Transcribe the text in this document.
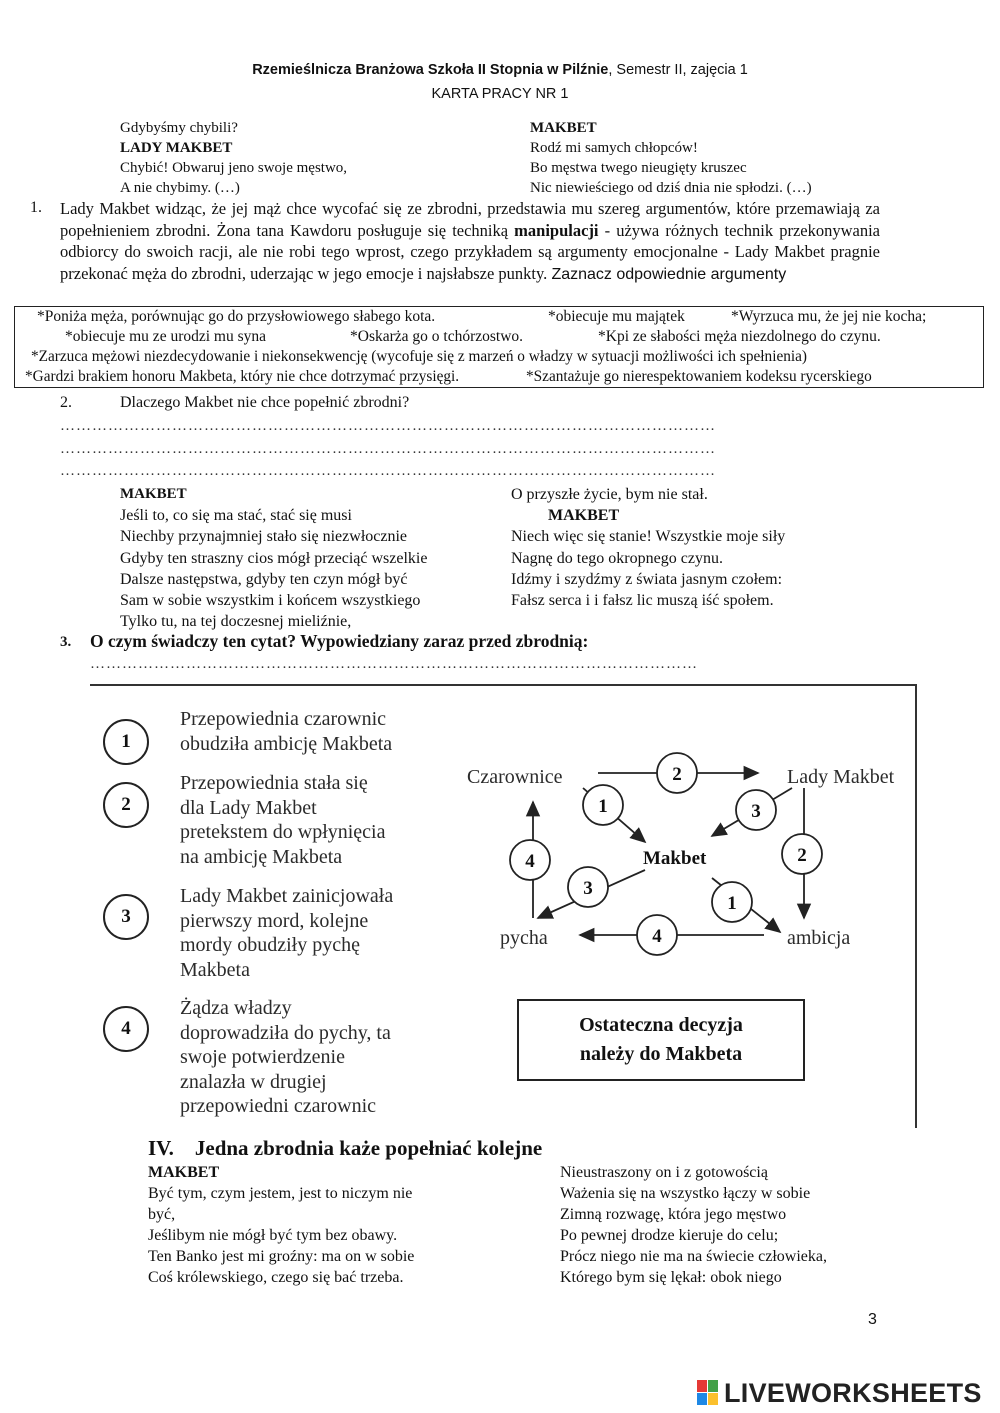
Rzemieślnicza Branżowa Szkoła II Stopnia w Pilźnie, Semestr II, zajęcia 1
KARTA PRACY NR 1
Gdybyśmy chybili?
LADY MAKBET
Chybić! Obwaruj jeno swoje męstwo,
A nie chybimy. (…)
MAKBET
Rodź mi samych chłopców!
Bo męstwa twego nieugięty kruszec
Nic niewieściego od dziś dnia nie spłodzi. (…)
1. Lady Makbet widząc, że jej mąż chce wycofać się ze zbrodni, przedstawia mu szereg argumentów, które przemawiają za popełnieniem zbrodni. Żona tana Kawdoru posługuje się techniką manipulacji - używa różnych technik przekonywania odbiorcy do swoich racji, ale nie robi tego wprost, czego przykładem są argumenty emocjonalne - Lady Makbet pragnie przekonać męża do zbrodni, uderzając w jego emocje i najsłabsze punkty. Zaznacz odpowiednie argumenty
*Poniża męża, porównując go do przysłowiowego słabego kota.	*obiecuje mu majątek	*Wyrzuca mu, że jej nie kocha;
*obiecuje mu ze urodzi mu syna	*Oskarża go o tchórzostwo.	*Kpi ze słabości męża niezdolnego do czynu.
*Zarzuca mężowi niezdecydowanie i niekonsekwencję (wycofuje się z marzeń o władzy w sytuacji możliwości ich spełnienia)
*Gardzi brakiem honoru Makbeta, który nie chce dotrzymać przysięgi.	*Szantażuje go nierespektowaniem kodeksu rycerskiego
2.	Dlaczego Makbet nie chce popełnić zbrodni?
……………………………………………………………………………………………………………
……………………………………………………………………………………………………………
……………………………………………………………………………………………………………
MAKBET
Jeśli to, co się ma stać, stać się musi
Niechby przynajmniej stało się niezwłocznie
Gdyby ten straszny cios mógł przeciąć wszelkie
Dalsze następstwa, gdyby ten czyn mógł być
Sam w sobie wszystkim i końcem wszystkiego
Tylko tu, na tej doczesnej mieliźnie,
O przyszłe życie, bym nie stał.
MAKBET
Niech więc się stanie! Wszystkie moje siły
Nagnę do tego okropnego czynu.
Idźmy i szydźmy z świata jasnym czołem:
Fałsz serca i i fałsz lic muszą iść społem.
3. O czym świadczy ten cytat? Wypowiedziany zaraz przed zbrodnią:
……………………………………………………………………………………………………
1
Przepowiednia czarownic
obudziła ambicję Makbeta
2
Przepowiednia stała się
dla Lady Makbet
pretekstem do wpłynięcia
na ambicję Makbeta
3
Lady Makbet zainicjowała
pierwszy mord, kolejne
mordy obudziły pychę
Makbeta
4
Żądza władzy
doprowadziła do pychy, ta
swoje potwierdzenie
znalazła w drugiej
przepowiedni czarownic
2
1	3
2
4
3
1
4
Czarownice	Lady Makbet
Makbet
pycha	ambicja
Ostateczna decyzja
należy do Makbeta
IV.    Jedna zbrodnia każe popełniać kolejne
MAKBET
Być tym, czym jestem, jest to niczym nie
być,
Jeślibym nie mógł być tym bez obawy.
Ten Banko jest mi groźny: ma on w sobie
Coś królewskiego, czego się bać trzeba.
Nieustraszony on i z gotowością
Ważenia się na wszystko łączy w sobie
Zimną rozwagę, która jego męstwo
Po pewnej drodze kieruje do celu;
Prócz niego nie ma na świecie człowieka,
Którego bym się lękał: obok niego
3
LIVEWORKSHEETS
